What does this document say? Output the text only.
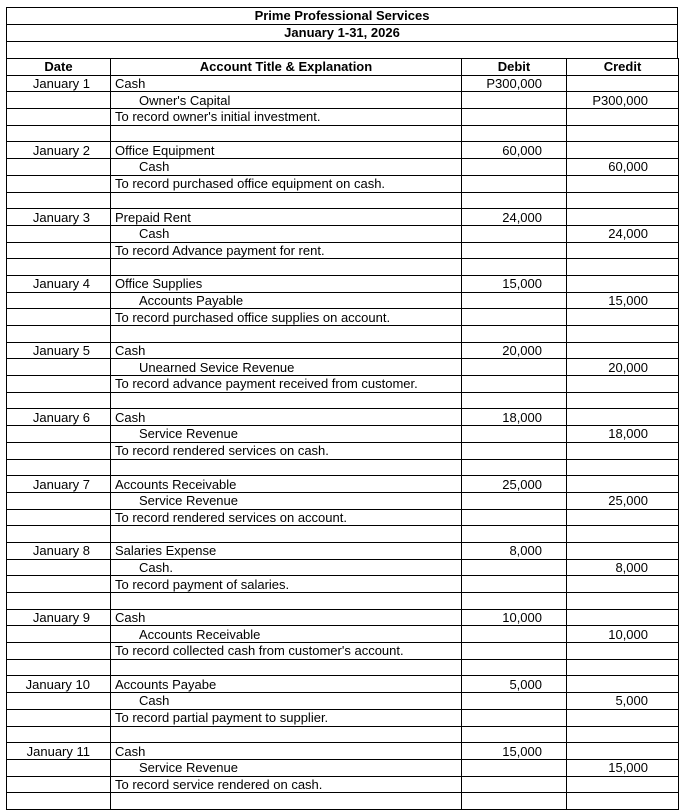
Prime Professional Services
January 1-31, 2026
Date	Account Title & Explanation	Debit	Credit
January 1	Cash	P300,000	
	Owner's Capital		P300,000
	To record owner's initial investment.		

January 2	Office Equipment	60,000	
	Cash		60,000
	To record purchased office equipment on cash.		

January 3	Prepaid Rent	24,000	
	Cash		24,000
	To record Advance payment for rent.		

January 4	Office Supplies	15,000	
	Accounts Payable		15,000
	To record purchased office supplies on account.		

January 5	Cash	20,000	
	Unearned Sevice Revenue		20,000
	To record advance payment received from customer.		

January 6	Cash	18,000	
	Service Revenue		18,000
	To record rendered services on cash.		

January 7	Accounts Receivable	25,000	
	Service Revenue		25,000
	To record rendered services on account.		

January 8	Salaries Expense	8,000	
	Cash.		8,000
	To record payment of salaries.		

January 9	Cash	10,000	
	Accounts Receivable		10,000
	To record collected cash from customer's account.		

January 10	Accounts Payabe	5,000	
	Cash		5,000
	To record partial payment to supplier.		

January 11	Cash	15,000	
	Service Revenue		15,000
	To record service rendered on cash.		
